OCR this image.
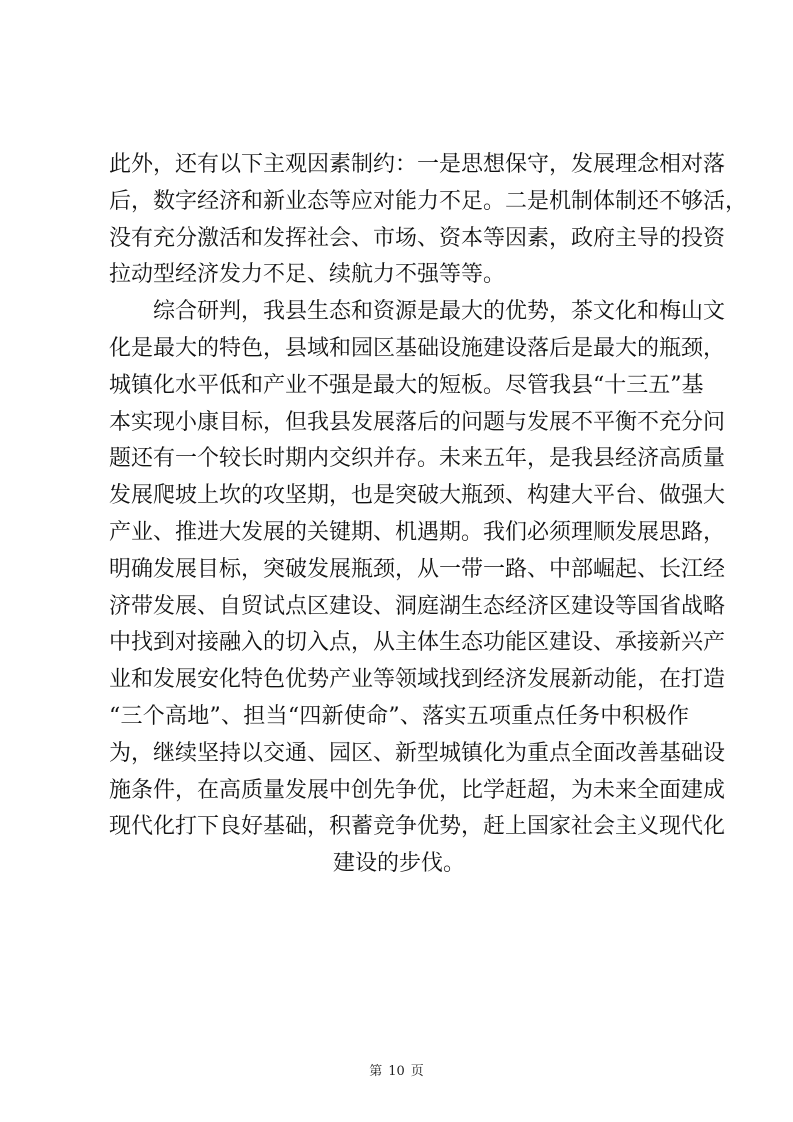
此外，还有以下主观因素制约：一是思想保守，发展理念相对落
后，数字经济和新业态等应对能力不足。二是机制体制还不够活，
没有充分激活和发挥社会、市场、资本等因素，政府主导的投资
拉动型经济发力不足、续航力不强等等。
综合研判，我县生态和资源是最大的优势，茶文化和梅山文
化是最大的特色，县域和园区基础设施建设落后是最大的瓶颈，
城镇化水平低和产业不强是最大的短板。尽管我县“十三五”基
本实现小康目标，但我县发展落后的问题与发展不平衡不充分问
题还有一个较长时期内交织并存。未来五年，是我县经济高质量
发展爬坡上坎的攻坚期，也是突破大瓶颈、构建大平台、做强大
产业、推进大发展的关键期、机遇期。我们必须理顺发展思路，
明确发展目标，突破发展瓶颈，从一带一路、中部崛起、长江经
济带发展、自贸试点区建设、洞庭湖生态经济区建设等国省战略
中找到对接融入的切入点，从主体生态功能区建设、承接新兴产
业和发展安化特色优势产业等领域找到经济发展新动能，在打造
“三个高地”、担当“四新使命”、落实五项重点任务中积极作
为，继续坚持以交通、园区、新型城镇化为重点全面改善基础设
施条件，在高质量发展中创先争优，比学赶超，为未来全面建成
现代化打下良好基础，积蓄竞争优势，赶上国家社会主义现代化
建设的步伐。
第 10 页
